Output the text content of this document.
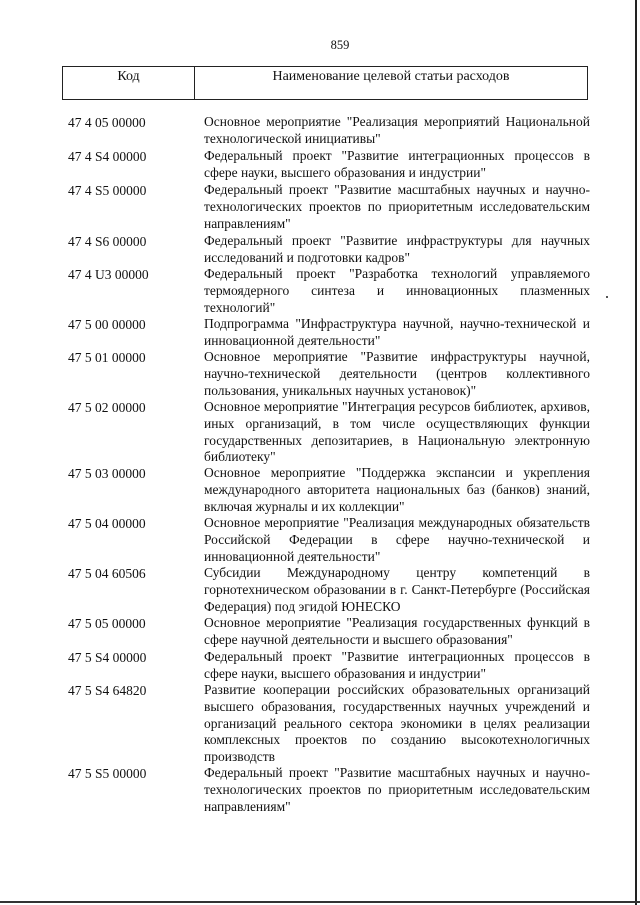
859
Код	Наименование целевой статьи расходов
47 4 05 00000	Основное мероприятие "Реализация мероприятий Национальной технологической инициативы"
47 4 S4 00000	Федеральный проект "Развитие интеграционных процессов в сфере науки, высшего образования и индустрии"
47 4 S5 00000	Федеральный проект "Развитие масштабных научных и научно-технологических проектов по приоритетным исследовательским направлениям"
47 4 S6 00000	Федеральный проект "Развитие инфраструктуры для научных исследований и подготовки кадров"
47 4 U3 00000	Федеральный проект "Разработка технологий управляемого термоядерного синтеза и инновационных плазменных технологий"
47 5 00 00000	Подпрограмма "Инфраструктура научной, научно-технической и инновационной деятельности"
47 5 01 00000	Основное мероприятие "Развитие инфраструктуры научной, научно-технической деятельности (центров коллективного пользования, уникальных научных установок)"
47 5 02 00000	Основное мероприятие "Интеграция ресурсов библиотек, архивов, иных организаций, в том числе осуществляющих функции государственных депозитариев, в Национальную электронную библиотеку"
47 5 03 00000	Основное мероприятие "Поддержка экспансии и укрепления международного авторитета национальных баз (банков) знаний, включая журналы и их коллекции"
47 5 04 00000	Основное мероприятие "Реализация международных обязательств Российской Федерации в сфере научно-технической и инновационной деятельности"
47 5 04 60506	Субсидии Международному центру компетенций в горнотехническом образовании в г. Санкт-Петербурге (Российская Федерация) под эгидой ЮНЕСКО
47 5 05 00000	Основное мероприятие "Реализация государственных функций в сфере научной деятельности и высшего образования"
47 5 S4 00000	Федеральный проект "Развитие интеграционных процессов в сфере науки, высшего образования и индустрии"
47 5 S4 64820	Развитие кооперации российских образовательных организаций высшего образования, государственных научных учреждений и организаций реального сектора экономики в целях реализации комплексных проектов по созданию высокотехнологичных производств
47 5 S5 00000	Федеральный проект "Развитие масштабных научных и научно-технологических проектов по приоритетным исследовательским направлениям"
